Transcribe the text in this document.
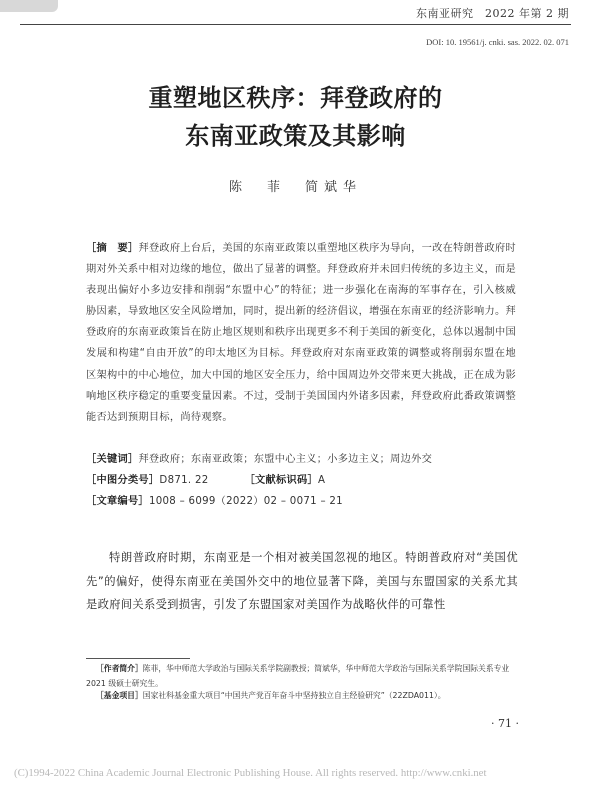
东南亚研究　2022 年第 2 期
DOI: 10. 19561/j. cnki. sas. 2022. 02. 071
重塑地区秩序：拜登政府的
东南亚政策及其影响
陈　菲　简斌华
［摘　要］拜登政府上台后，美国的东南亚政策以重塑地区秩序为导向，一改在特朗普政府时期对外关系中相对边缘的地位，做出了显著的调整。拜登政府并未回归传统的多边主义，而是表现出偏好小多边安排和削弱“东盟中心”的特征；进一步强化在南海的军事存在，引入核威胁因素，导致地区安全风险增加，同时，提出新的经济倡议，增强在东南亚的经济影响力。拜登政府的东南亚政策旨在防止地区规则和秩序出现更多不利于美国的新变化，总体以遏制中国发展和构建“自由开放”的印太地区为目标。拜登政府对东南亚政策的调整或将削弱东盟在地区架构中的中心地位，加大中国的地区安全压力，给中国周边外交带来更大挑战，正在成为影响地区秩序稳定的重要变量因素。不过，受制于美国国内外诸多因素，拜登政府此番政策调整能否达到预期目标，尚待观察。
［关键词］拜登政府；东南亚政策；东盟中心主义；小多边主义；周边外交
［中图分类号］D871. 22	［文献标识码］A
［文章编号］1008 – 6099（2022）02 – 0071 – 21
特朗普政府时期，东南亚是一个相对被美国忽视的地区。特朗普政府对“美国优先”的偏好，使得东南亚在美国外交中的地位显著下降，美国与东盟国家的关系尤其是政府间关系受到损害，引发了东盟国家对美国作为战略伙伴的可靠性
［作者简介］陈菲，华中师范大学政治与国际关系学院副教授；简斌华，华中师范大学政治与国际关系学院国际关系专业 2021 级硕士研究生。
［基金项目］国家社科基金重大项目“中国共产党百年奋斗中坚持独立自主经验研究”（22ZDA011）。
· 71 ·
(C)1994-2022 China Academic Journal Electronic Publishing House. All rights reserved. http://www.cnki.net
